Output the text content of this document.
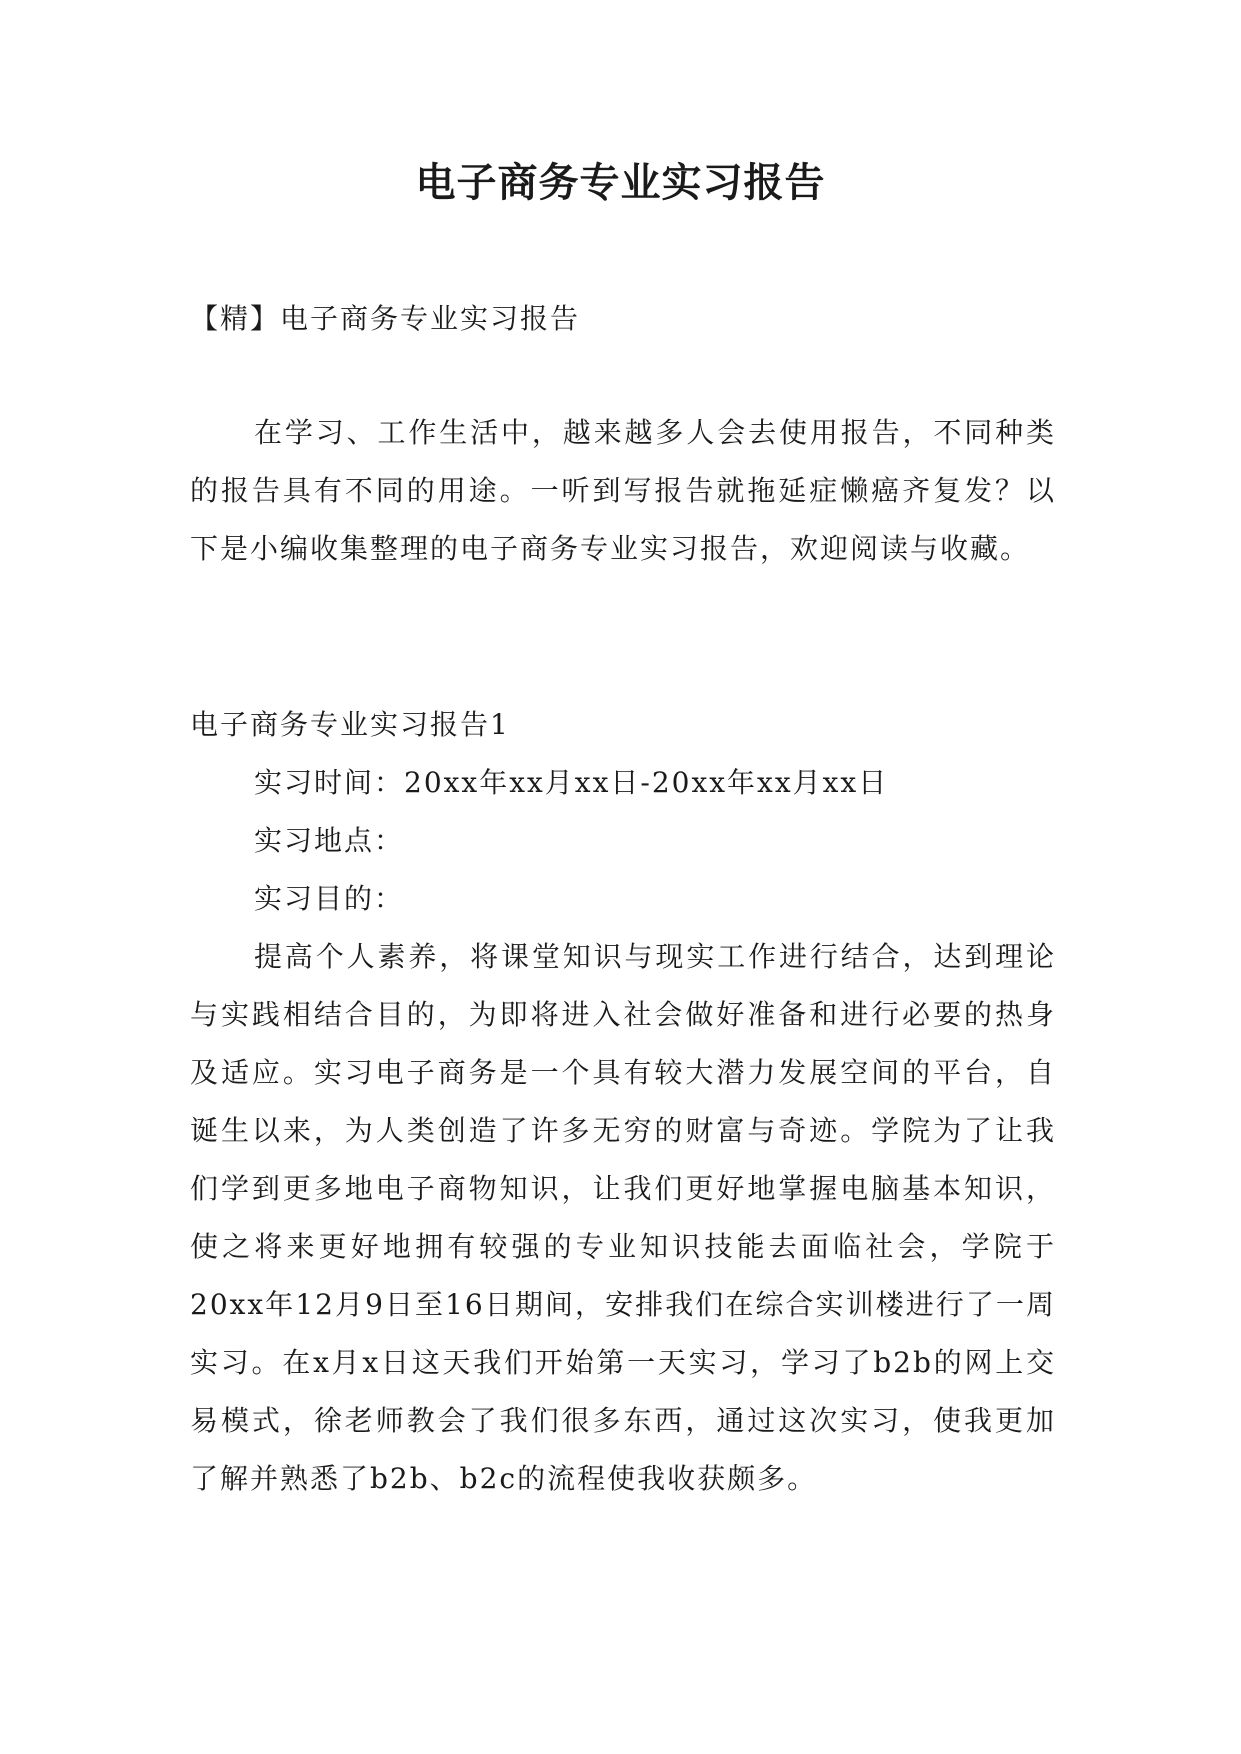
电子商务专业实习报告

【精】电子商务专业实习报告

在学习、工作生活中，越来越多人会去使用报告，不同种类的报告具有不同的用途。一听到写报告就拖延症懒癌齐复发？以下是小编收集整理的电子商务专业实习报告，欢迎阅读与收藏。

电子商务专业实习报告1

实习时间：20xx年xx月xx日-20xx年xx月xx日

实习地点：

实习目的：

提高个人素养，将课堂知识与现实工作进行结合，达到理论与实践相结合目的，为即将进入社会做好准备和进行必要的热身及适应。实习电子商务是一个具有较大潜力发展空间的平台，自诞生以来，为人类创造了许多无穷的财富与奇迹。学院为了让我们学到更多地电子商物知识，让我们更好地掌握电脑基本知识，使之将来更好地拥有较强的专业知识技能去面临社会，学院于20xx年12月9日至16日期间，安排我们在综合实训楼进行了一周实习。在x月x日这天我们开始第一天实习，学习了b2b的网上交易模式，徐老师教会了我们很多东西，通过这次实习，使我更加了解并熟悉了b2b、b2c的流程使我收获颇多。
